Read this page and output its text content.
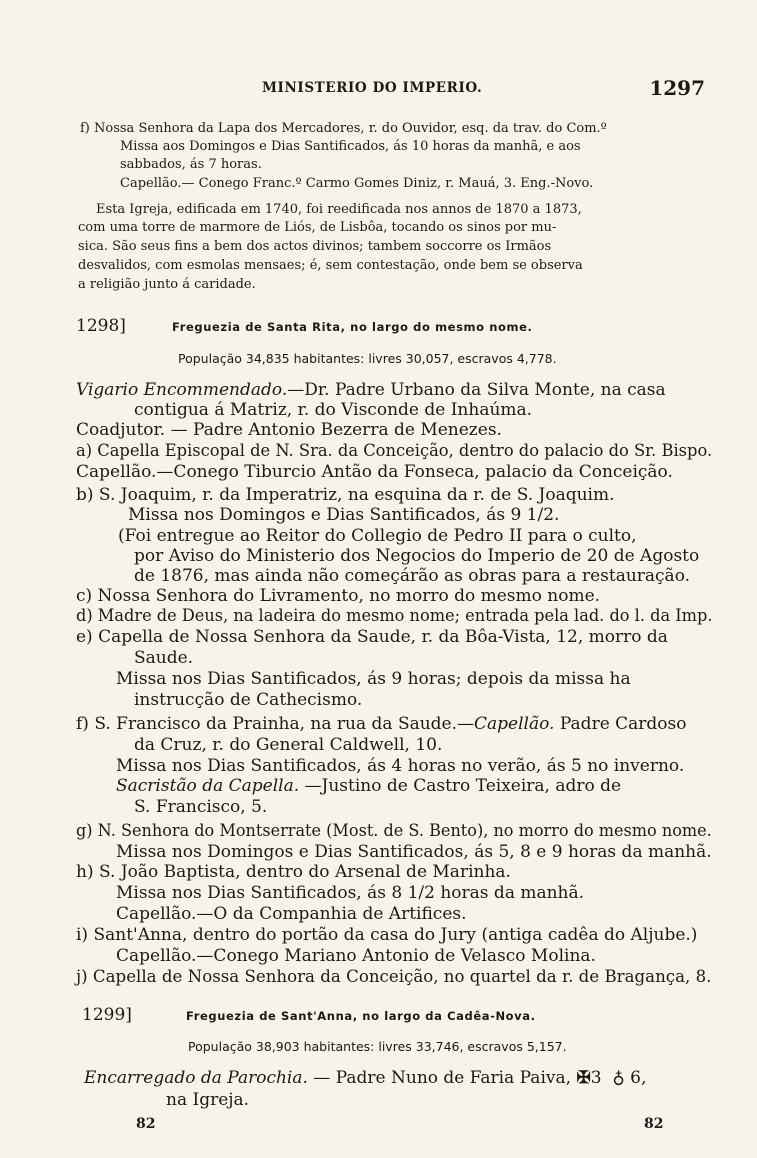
MINISTERIO DO IMPERIO.	1297
f) Nossa Senhora da Lapa dos Mercadores, r. do Ouvidor, esq. da trav. do Com.º
Missa aos Domingos e Dias Santificados, ás 10 horas da manhã, e aos
sabbados, ás 7 horas.
Capellão.— Conego Franc.º Carmo Gomes Diniz, r. Mauá, 3. Eng.-Novo.
Esta Igreja, edificada em 1740, foi reedificada nos annos de 1870 a 1873,
com uma torre de marmore de Liós, de Lisbôa, tocando os sinos por mu-
sica. São seus fins a bem dos actos divinos; tambem soccorre os Irmãos
desvalidos, com esmolas mensaes; é, sem contestação, onde bem se observa
a religião junto á caridade.
1298]	Freguezia de Santa Rita, no largo do mesmo nome.
População 34,835 habitantes: livres 30,057, escravos 4,778.
Vigario Encommendado.—Dr. Padre Urbano da Silva Monte, na casa
contigua á Matriz, r. do Visconde de Inhaúma.
Coadjutor. — Padre Antonio Bezerra de Menezes.
a) Capella Episcopal de N. Sra. da Conceição, dentro do palacio do Sr. Bispo.
Capellão.—Conego Tiburcio Antão da Fonseca, palacio da Conceição.
b) S. Joaquim, r. da Imperatriz, na esquina da r. de S. Joaquim.
Missa nos Domingos e Dias Santificados, ás 9 1/2.
(Foi entregue ao Reitor do Collegio de Pedro II para o culto,
por Aviso do Ministerio dos Negocios do Imperio de 20 de Agosto
de 1876, mas ainda não começárão as obras para a restauração.
c) Nossa Senhora do Livramento, no morro do mesmo nome.
d) Madre de Deus, na ladeira do mesmo nome; entrada pela lad. do l. da Imp.
e) Capella de Nossa Senhora da Saude, r. da Bôa-Vista, 12, morro da
Saude.
Missa nos Dias Santificados, ás 9 horas; depois da missa ha
instrucção de Cathecismo.
f) S. Francisco da Prainha, na rua da Saude.—Capellão. Padre Cardoso
da Cruz, r. do General Caldwell, 10.
Missa nos Dias Santificados, ás 4 horas no verão, ás 5 no inverno.
Sacristão da Capella. —Justino de Castro Teixeira, adro de
S. Francisco, 5.
g) N. Senhora do Montserrate (Most. de S. Bento), no morro do mesmo nome.
Missa nos Domingos e Dias Santificados, ás 5, 8 e 9 horas da manhã.
h) S. João Baptista, dentro do Arsenal de Marinha.
Missa nos Dias Santificados, ás 8 1/2 horas da manhã.
Capellão.—O da Companhia de Artifices.
i) Sant'Anna, dentro do portão da casa do Jury (antiga cadêa do Aljube.)
Capellão.—Conego Mariano Antonio de Velasco Molina.
j) Capella de Nossa Senhora da Conceição, no quartel da r. de Bragança, 8.
1299]	Freguezia de Sant'Anna, no largo da Cadêa-Nova.
População 38,903 habitantes: livres 33,746, escravos 5,157.
Encarregado da Parochia. — Padre Nuno de Faria Paiva, ✠3 ♁ 6,
na Igreja.
82	82
